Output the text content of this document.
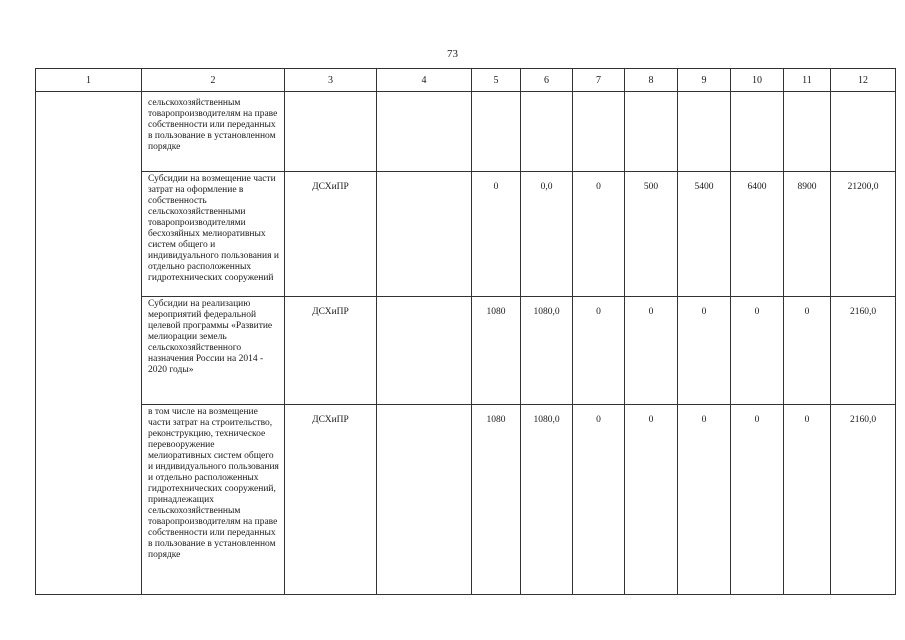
73
1	2	3	4	5	6	7	8	9	10	11	12
	сельскохозяйственным товаропроизводителям на праве собственности или переданных в пользование в установленном порядке										
	Субсидии на возмещение части затрат на оформление в собственность сельскохозяйственными товаропроизводителями бесхозяйных мелиоративных систем общего и индивидуального пользования и отдельно расположенных гидротехнических сооружений	ДСХиПР		0	0,0	0	500	5400	6400	8900	21200,0
	Субсидии на реализацию мероприятий федеральной целевой программы «Развитие мелиорации земель сельскохозяйственного назначения России на 2014 - 2020 годы»	ДСХиПР		1080	1080,0	0	0	0	0	0	2160,0
	в том числе на возмещение части затрат на строительство, реконструкцию, техническое перевооружение мелиоративных систем общего и индивидуального пользования и отдельно расположенных гидротехнических сооружений, принадлежащих сельскохозяйственным товаропроизводителям на праве собственности или переданных в пользование в установленном порядке	ДСХиПР		1080	1080,0	0	0	0	0	0	2160,0
